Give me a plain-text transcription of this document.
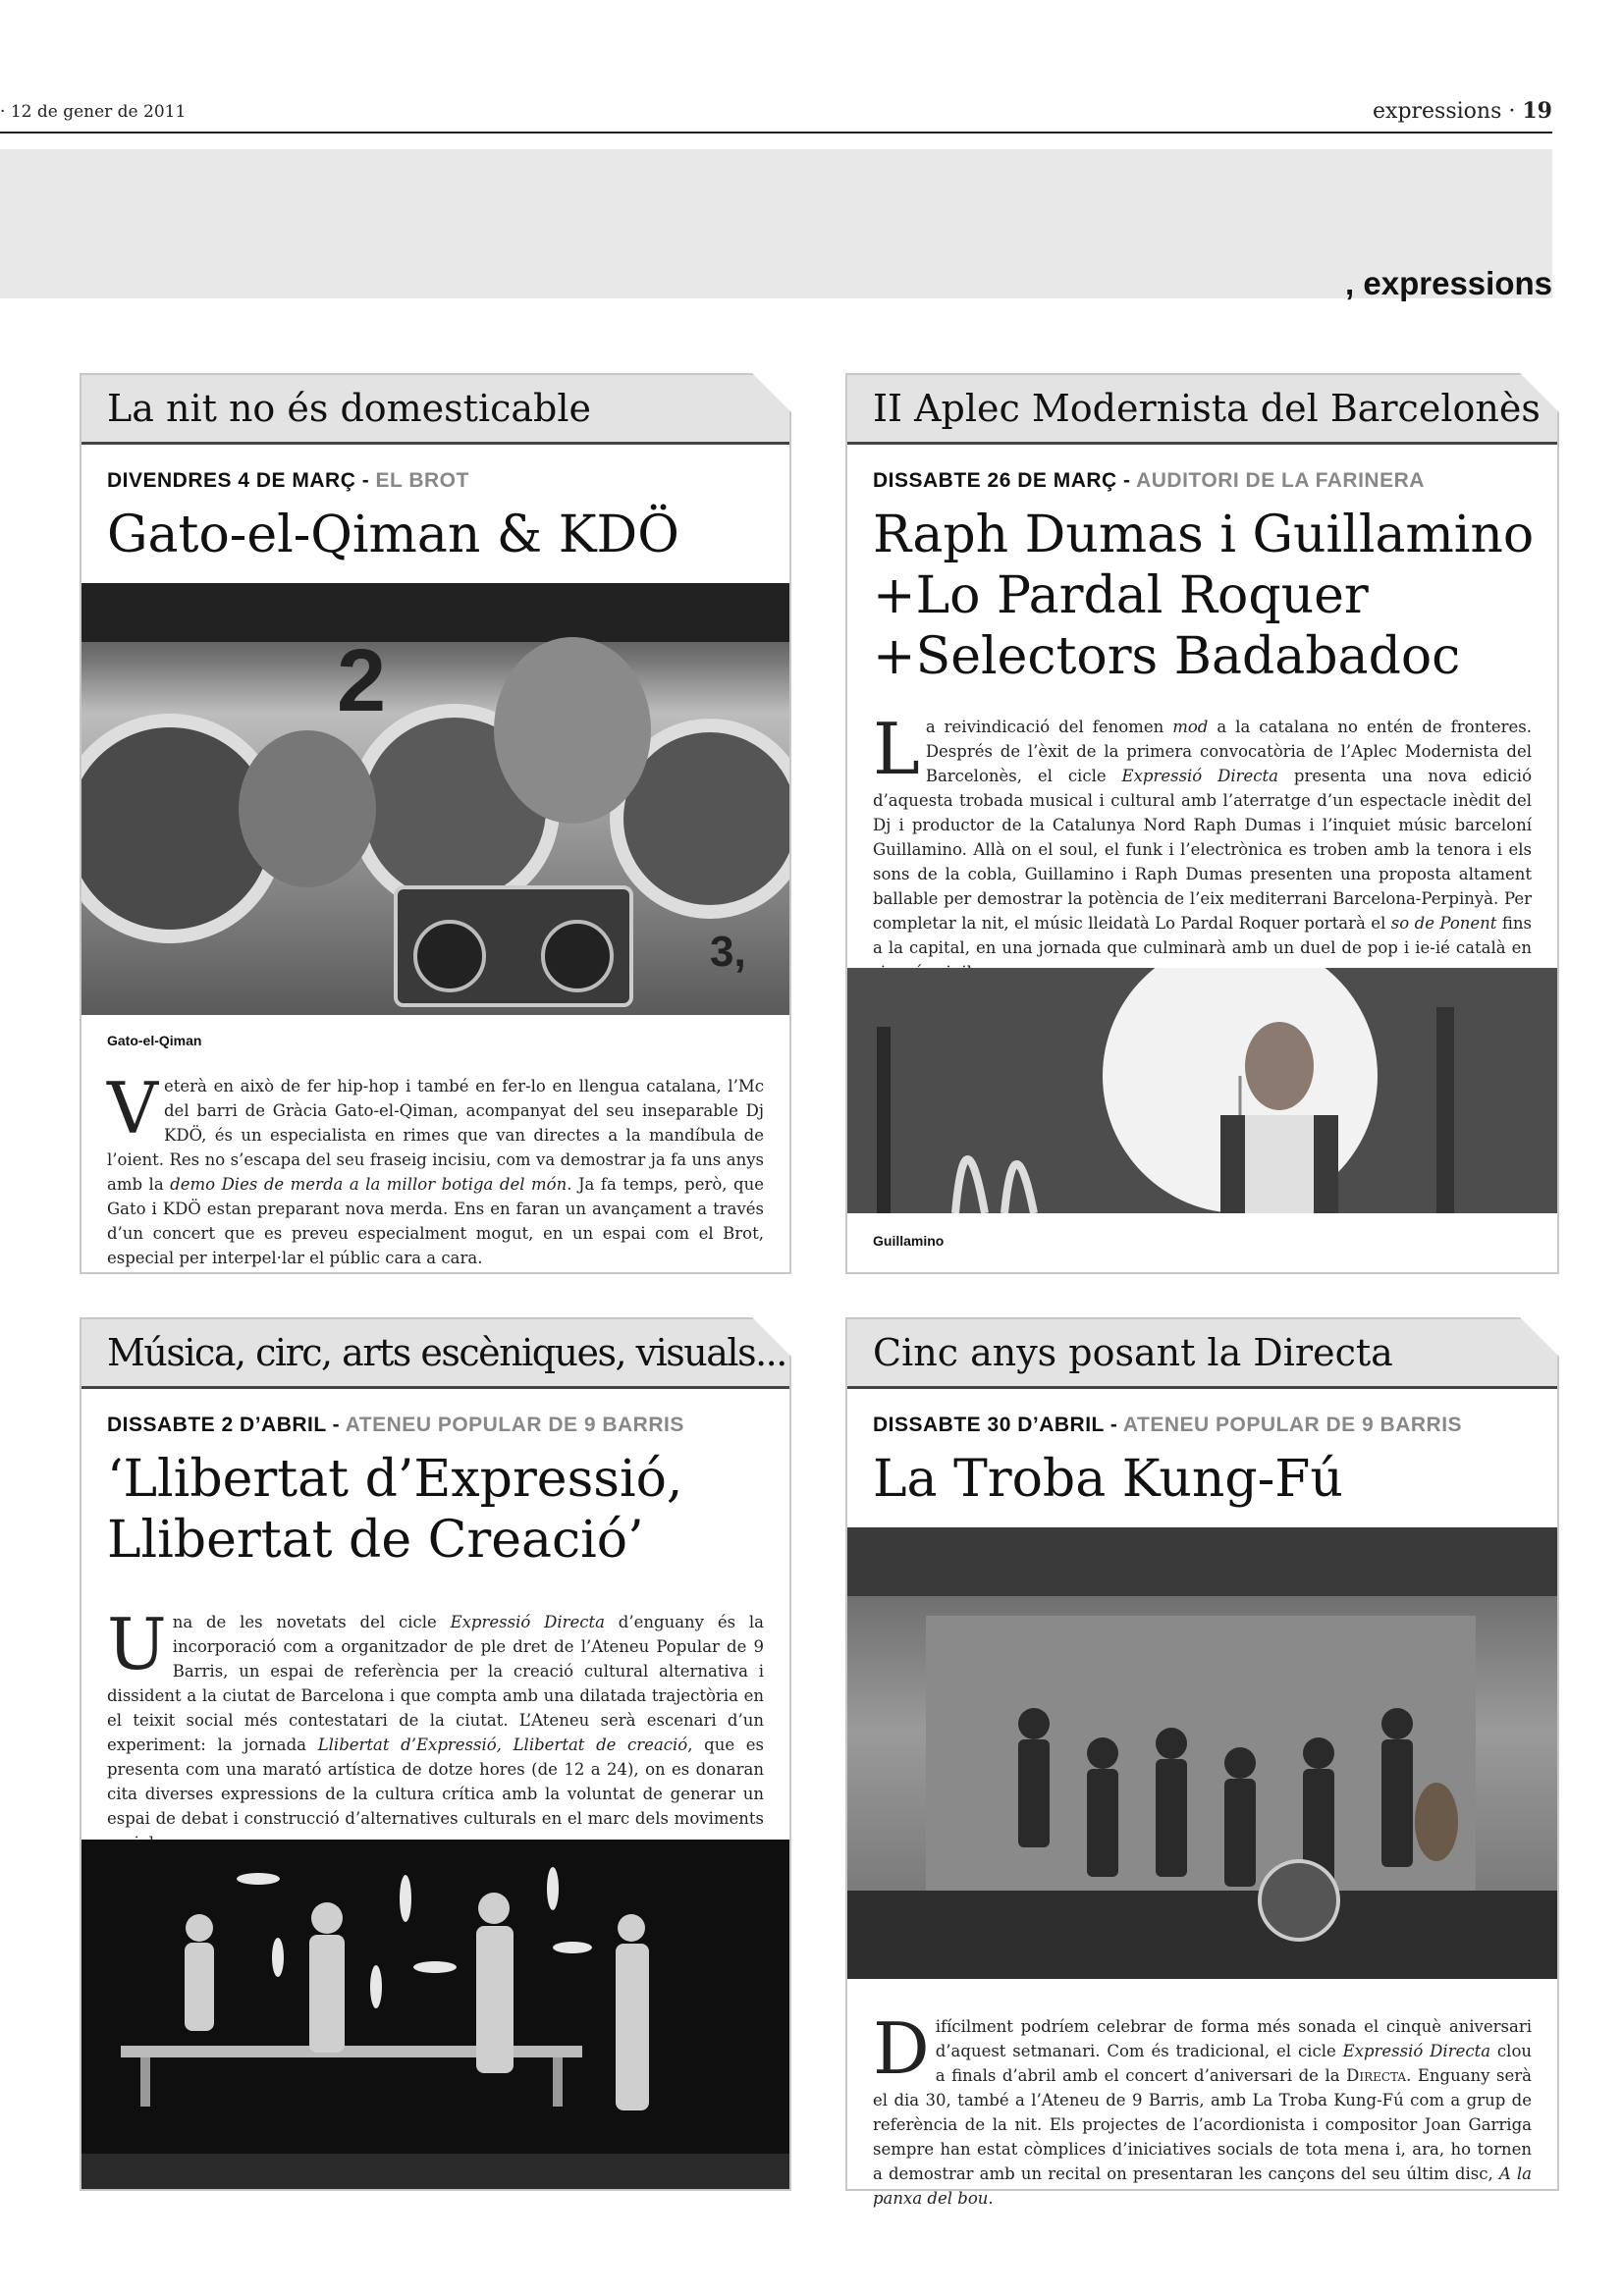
· 12 de gener de 2011	expressions · 19
, expressions
La nit no és domesticable
DIVENDRES 4 DE MARÇ - EL BROT
Gato-el-Qiman & KDÖ
2
3,
Gato-el-Qiman

Veterà en això de fer hip-hop i també en fer-lo en llengua catalana, l’Mc del barri de Gràcia Gato-el-Qiman, acompanyat del seu inseparable Dj KDÖ, és un especialista en rimes que van directes a la mandíbula de l’oient. Res no s’escapa del seu fraseig incisiu, com va demostrar ja fa uns anys amb la demo Dies de merda a la millor botiga del món. Ja fa temps, però, que Gato i KDÖ estan preparant nova merda. Ens en faran un avançament a través d’un concert que es preveu especialment mogut, en un espai com el Brot, especial per interpel·lar el públic cara a cara.

II Aplec Modernista del Barcelonès
DISSABTE 26 DE MARÇ - AUDITORI DE LA FARINERA
Raph Dumas i Guillamino
+Lo Pardal Roquer
+Selectors Badabadoc

La reivindicació del fenomen mod a la catalana no entén de fronteres. Després de l’èxit de la primera convocatòria de l’Aplec Modernista del Barcelonès, el cicle Expressió Directa presenta una nova edició d’aquesta trobada musical i cultural amb l’aterratge d’un espectacle inèdit del Dj i productor de la Catalunya Nord Raph Dumas i l’inquiet músic barceloní Guillamino. Allà on el soul, el funk i l’electrònica es troben amb la tenora i els sons de la cobla, Guillamino i Raph Dumas presenten una proposta altament ballable per demostrar la potència de l’eix mediterrani Barcelona-Perpinyà. Per completar la nit, el músic lleidatà Lo Pardal Roquer portarà el so de Ponent fins a la capital, en una jornada que culminarà amb un duel de pop i ie-ié català en

Guillamino
Música, circ, arts escèniques, visuals...
DISSABTE 2 D’ABRIL - ATENEU POPULAR DE 9 BARRIS
‘Llibertat d’Expressió,
Llibertat de Creació’

Una de les novetats del cicle Expressió Directa d’enguany és la incorporació com a organitzador de ple dret de l’Ateneu Popular de 9 Barris, un espai de referència per la creació cultural alternativa i dissident a la ciutat de Barcelona i que compta amb una dilatada trajectòria en el teixit social més contestatari de la ciutat. L’Ateneu serà escenari d’un experiment: la jornada Llibertat d’Expressió, Llibertat de creació, que es presenta com una marató artística de dotze hores (de 12 a 24), on es donaran cita diverses expressions de la cultura crítica amb la voluntat de generar un espai de debat i construcció d’alternatives culturals en el marc dels moviments

Cinc anys posant la Directa
DISSABTE 30 D’ABRIL - ATENEU POPULAR DE 9 BARRIS
La Troba Kung-Fú

Difícilment podríem celebrar de forma més sonada el cinquè aniversari d’aquest setmanari. Com és tradicional, el cicle Expressió Directa clou a finals d’abril amb el concert d’aniversari de la Directa. Enguany serà el dia 30, també a l’Ateneu de 9 Barris, amb La Troba Kung-Fú com a grup de referència de la nit. Els projectes de l’acordionista i compositor Joan Garriga sempre han estat còmplices d’iniciatives socials de tota mena i, ara, ho tornen a demostrar amb un recital on presentaran les cançons del seu últim disc, A la panxa del bou.
